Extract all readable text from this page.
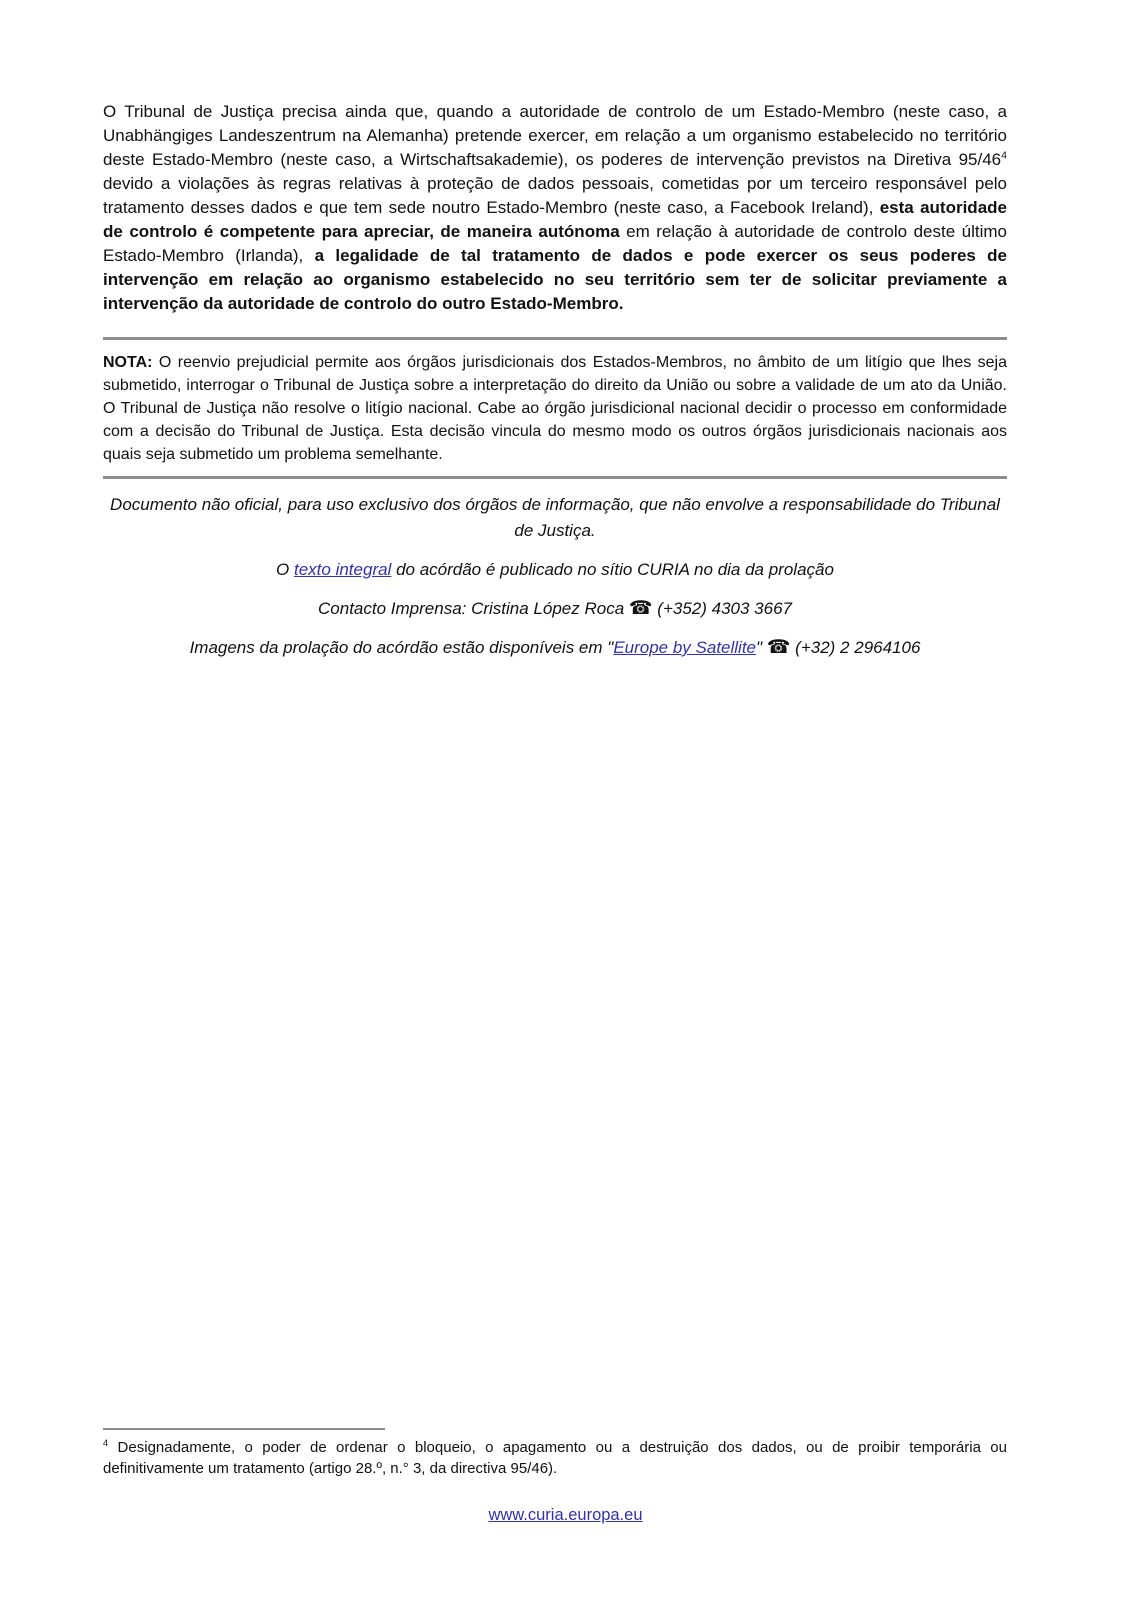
O Tribunal de Justiça precisa ainda que, quando a autoridade de controlo de um Estado-Membro (neste caso, a Unabhängiges Landeszentrum na Alemanha) pretende exercer, em relação a um organismo estabelecido no território deste Estado-Membro (neste caso, a Wirtschaftsakademie), os poderes de intervenção previstos na Diretiva $95/46^4$ devido a violações às regras relativas à proteção de dados pessoais, cometidas por um terceiro responsável pelo tratamento desses dados e que tem sede noutro Estado-Membro (neste caso, a Facebook Ireland), esta autoridade de controlo é competente para apreciar, de maneira autónoma em relação à autoridade de controlo deste último Estado-Membro (Irlanda), a legalidade de tal tratamento de dados e pode exercer os seus poderes de intervenção em relação ao organismo estabelecido no seu território sem ter de solicitar previamente a intervenção da autoridade de controlo do outro Estado-Membro.

NOTA: O reenvio prejudicial permite aos órgãos jurisdicionais dos Estados-Membros, no âmbito de um litígio que lhes seja submetido, interrogar o Tribunal de Justiça sobre a interpretação do direito da União ou sobre a validade de um ato da União. O Tribunal de Justiça não resolve o litígio nacional. Cabe ao órgão jurisdicional nacional decidir o processo em conformidade com a decisão do Tribunal de Justiça. Esta decisão vincula do mesmo modo os outros órgãos jurisdicionais nacionais aos quais seja submetido um problema semelhante.

Documento não oficial, para uso exclusivo dos órgãos de informação, que não envolve a responsabilidade do Tribunal de Justiça.

O texto integral do acórdão é publicado no sítio CURIA no dia da prolação

Contacto Imprensa: Cristina López Roca ☎ (+352) 4303 3667

Imagens da prolação do acórdão estão disponíveis em "Europe by Satellite" ☎ (+32) 2 2964106

$^4$ Designadamente, o poder de ordenar o bloqueio, o apagamento ou a destruição dos dados, ou de proibir temporária ou definitivamente um tratamento (artigo 28.º, n.° 3, da directiva 95/46).

www.curia.europa.eu
